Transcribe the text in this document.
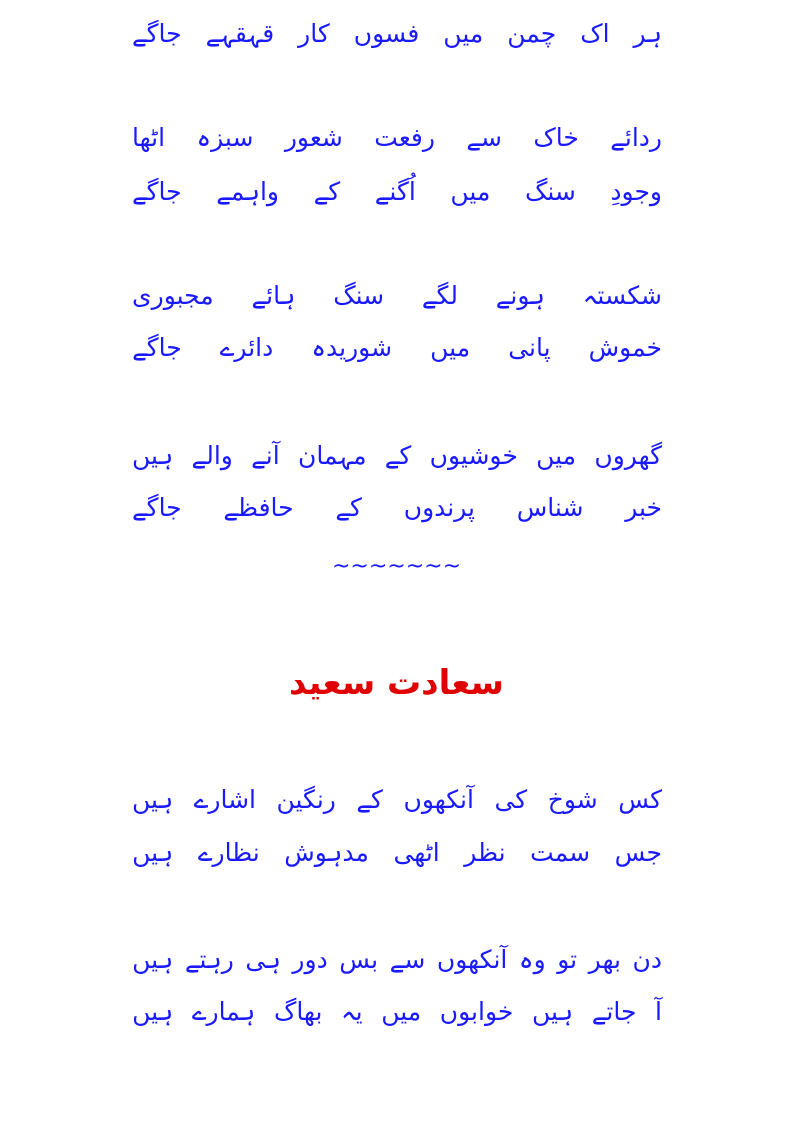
ہر
اک
چمن
میں
فسوں
کار
قہقہے
جاگے
ردائے
خاک
سے
رفعت
شعور
سبزہ
اٹھا
وجودِ
سنگ
میں
اُگنے
کے
واہمے
جاگے
شکستہ
ہونے
لگے
سنگ
ہائے
مجبوری
خموش
پانی
میں
شوریدہ
دائرے
جاگے
گھروں
میں
خوشیوں
کے
مہمان
آنے
والے
ہیں
خبر
شناس
پرندوں
کے
حافظے
جاگے
~~~~~~~
سعادت سعید
کس
شوخ
کی
آنکھوں
کے
رنگین
اشارے
ہیں
جس
سمت
نظر
اٹھی
مدہوش
نظارے
ہیں
دن
بھر
تو
وہ
آنکھوں
سے
بس
دور
ہی
رہتے
ہیں
آ
جاتے
ہیں
خوابوں
میں
یہ
بھاگ
ہمارے
ہیں
